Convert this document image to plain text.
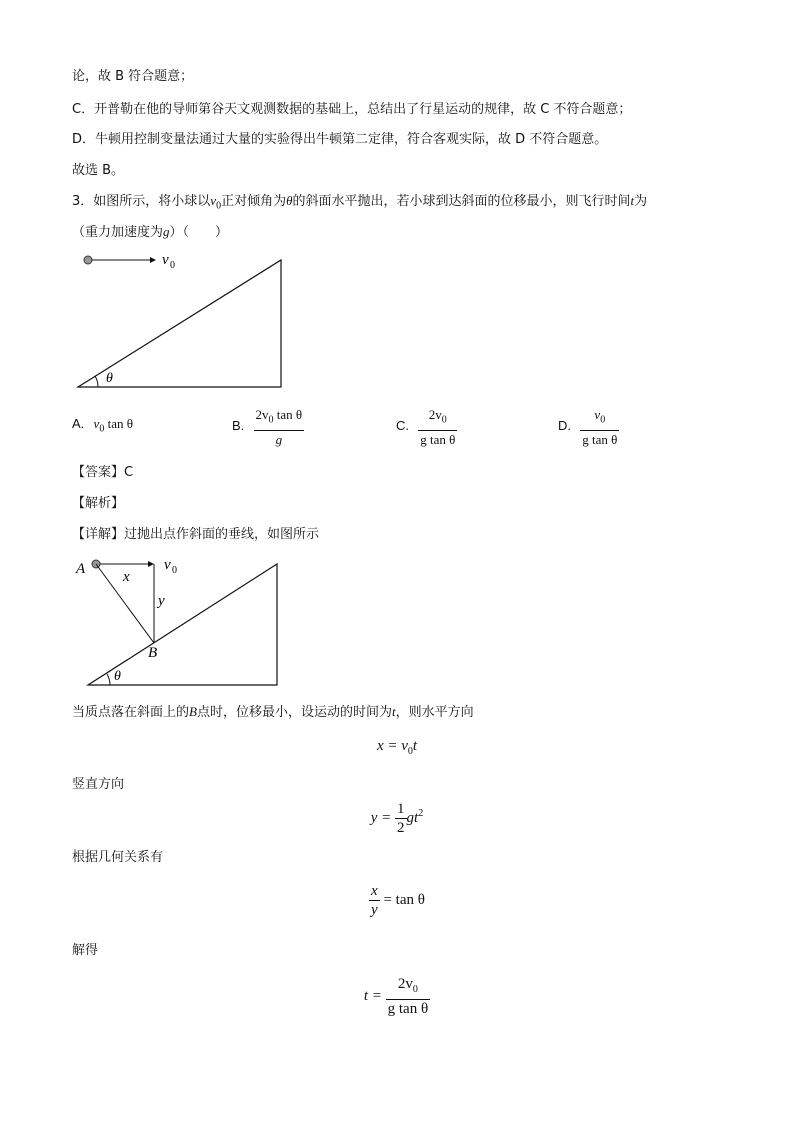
论，故 B 符合题意；
C．开普勒在他的导师第谷天文观测数据的基础上，总结出了行星运动的规律，故 C 不符合题意；
D．牛顿用控制变量法通过大量的实验得出牛顿第二定律，符合客观实际，故 D 不符合题意。
故选 B。
3．如图所示，将小球以$v_0$正对倾角为θ的斜面水平抛出，若小球到达斜面的位移最小，则飞行时间t为
（重力加速度为g）（　　）
v 0
θ
A. $v_0$ tan θ	B. $\frac{2v_0 \tan \theta}{g}$	C. $\frac{2v_0}{\text{g tan θ}}$	D. $\frac{v_0}{\text{g tan θ}}$
【答案】C
【解析】
【详解】过抛出点作斜面的垂线，如图所示
A	x
v 0
y
B
θ
当质点落在斜面上的B点时，位移最小，设运动的时间为t，则水平方向
$x = v_0t$
竖直方向
$y = \frac{1}{2} gt^2$
根据几何关系有
$\frac{x}{y} = \tan \theta$
解得
$t = \frac{2v_0}{\text{g tan θ}}$
